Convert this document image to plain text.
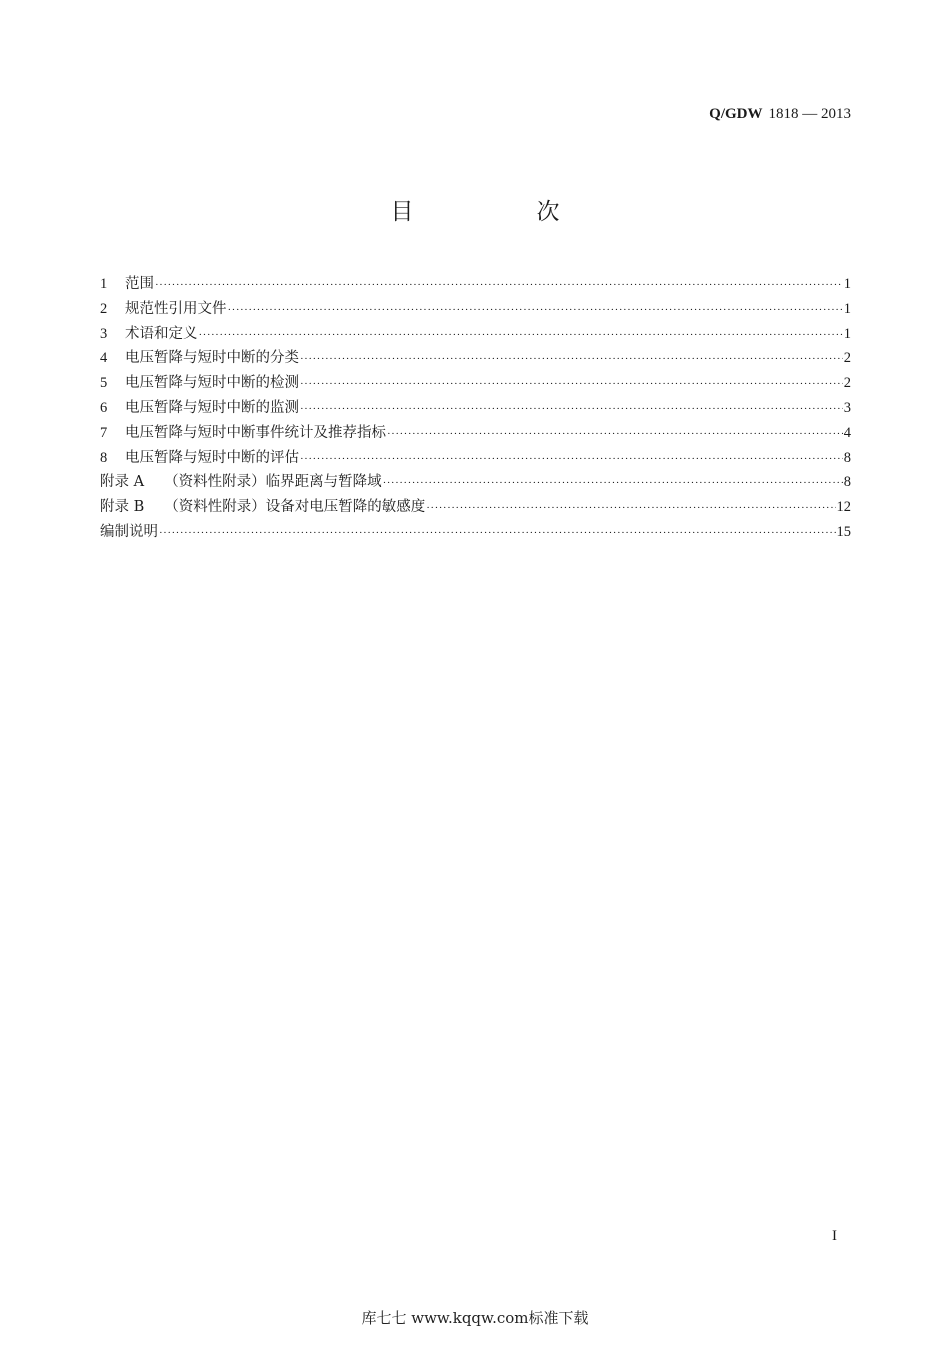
Q/GDW 1818 — 2013
目　次
1	范围 ·····	1
2	规范性引用文件 ·····	1
3	术语和定义 ·····	1
4	电压暂降与短时中断的分类 ·····	2
5	电压暂降与短时中断的检测 ·····	2
6	电压暂降与短时中断的监测 ·····	3
7	电压暂降与短时中断事件统计及推荐指标 ·····	4
8	电压暂降与短时中断的评估 ·····	8
附录 A （资料性附录）临界距离与暂降域 ·····	8
附录 B （资料性附录）设备对电压暂降的敏感度 ·····	12
编制说明 ·····	15
I
库七七 www.kqqw.com标准下载
